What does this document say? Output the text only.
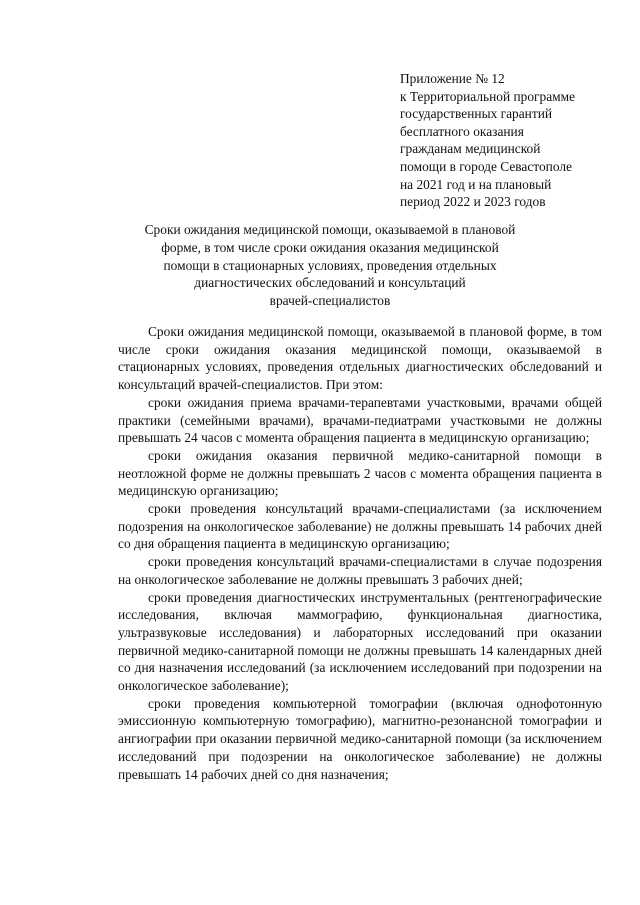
Приложение № 12
к Территориальной программе
государственных гарантий
бесплатного оказания
гражданам медицинской
помощи в городе Севастополе
на 2021 год и на плановый
период 2022 и 2023 годов
Сроки ожидания медицинской помощи, оказываемой в плановой
форме, в том числе сроки ожидания оказания медицинской
помощи в стационарных условиях, проведения отдельных
диагностических обследований и консультаций
врачей-специалистов

Сроки ожидания медицинской помощи, оказываемой в плановой форме, в том числе сроки ожидания оказания медицинской помощи, оказываемой в стационарных условиях, проведения отдельных диагностических обследований и консультаций врачей-специалистов. При этом:

сроки ожидания приема врачами-терапевтами участковыми, врачами общей практики (семейными врачами), врачами-педиатрами участковыми не должны превышать 24 часов с момента обращения пациента в медицинскую организацию;

сроки ожидания оказания первичной медико-санитарной помощи в неотложной форме не должны превышать 2 часов с момента обращения пациента в медицинскую организацию;

сроки проведения консультаций врачами-специалистами (за исключением подозрения на онкологическое заболевание) не должны превышать 14 рабочих дней со дня обращения пациента в медицинскую организацию;

сроки проведения консультаций врачами-специалистами в случае подозрения на онкологическое заболевание не должны превышать 3 рабочих дней;

сроки проведения диагностических инструментальных (рентгенографические исследования, включая маммографию, функциональная диагностика, ультразвуковые исследования) и лабораторных исследований при оказании первичной медико-санитарной помощи не должны превышать 14 календарных дней со дня назначения исследований (за исключением исследований при подозрении на онкологическое заболевание);

сроки проведения компьютерной томографии (включая однофотонную эмиссионную компьютерную томографию), магнитно-резонансной томографии и ангиографии при оказании первичной медико-санитарной помощи (за исключением исследований при подозрении на онкологическое заболевание) не должны превышать 14 рабочих дней со дня назначения;
